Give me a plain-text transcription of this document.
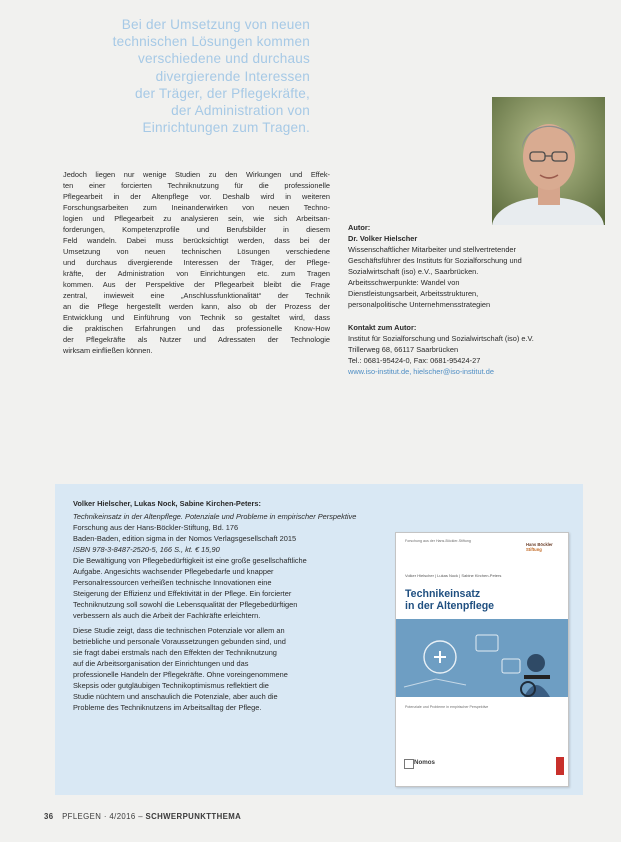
Bei der Umsetzung von neuen
technischen Lösungen kommen
verschiedene und durchaus
divergierende Interessen
der Träger, der Pflegekräfte,
der Administration von
Einrichtungen zum Tragen.
Jedoch liegen nur wenige Studien zu den Wirkungen und Effek-
ten einer forcierten Techniknutzung für die professionelle
Pflegearbeit in der Altenpflege vor. Deshalb wird in weiteren
Forschungsarbeiten zum Ineinanderwirken von neuen Techno-
logien und Pflegearbeit zu analysieren sein, wie sich Arbeitsan-
forderungen, Kompetenzprofile und Berufsbilder in diesem
Feld wandeln. Dabei muss berücksichtigt werden, dass bei der
Umsetzung von neuen technischen Lösungen verschiedene
und durchaus divergierende Interessen der Träger, der Pflege-
kräfte, der Administration von Einrichtungen etc. zum Tragen
kommen. Aus der Perspektive der Pflegearbeit bleibt die Frage
zentral, inwieweit eine „Anschlussfunktionalität“ der Technik
an die Pflege hergestellt werden kann, also ob der Prozess der
Entwicklung und Einführung von Technik so gestaltet wird, dass
die praktischen Erfahrungen und das professionelle Know-How
der Pflegekräfte als Nutzer und Adressaten der Technologie
wirksam einfließen können.
Autor:
Dr. Volker Hielscher
Wissenschaftlicher Mitarbeiter und stellvertretender
Geschäftsführer des Instituts für Sozialforschung und
Sozialwirtschaft (iso) e.V., Saarbrücken.
Arbeitsschwerpunkte: Wandel von
Dienstleistungsarbeit, Arbeitsstrukturen,
personalpolitische Unternehmensstrategien
Kontakt zum Autor:
Institut für Sozialforschung und Sozialwirtschaft (iso) e.V.
Trillerweg 68, 66117 Saarbrücken
Tel.: 0681-95424-0, Fax: 0681-95424-27
www.iso-institut.de, hielscher@iso-institut.de
Volker Hielscher, Lukas Nock, Sabine Kirchen-Peters:
Technikeinsatz in der Altenpflege. Potenziale und Probleme in empirischer Perspektive
Forschung aus der Hans-Böckler-Stiftung, Bd. 176
Baden-Baden, edition sigma in der Nomos Verlagsgesellschaft 2015
ISBN 978-3-8487-2520-5, 166 S., kt. € 15,90
Die Bewältigung von Pflegebedürftigkeit ist eine große gesellschaftliche
Aufgabe. Angesichts wachsender Pflegebedarfe und knapper
Personalressourcen verheißen technische Innovationen eine
Steigerung der Effizienz und Effektivität in der Pflege. Ein forcierter
Techniknutzung soll sowohl die Lebensqualität der Pflegebedürftigen
verbessern als auch die Arbeit der Fachkräfte erleichtern.
Diese Studie zeigt, dass die technischen Potenziale vor allem an
betriebliche und personale Voraussetzungen gebunden sind, und
sie fragt dabei erstmals nach den Effekten der Techniknutzung
auf die Arbeitsorganisation der Einrichtungen und das
professionelle Handeln der Pflegekräfte. Ohne voreingenommene
Skepsis oder gutgläubigen Technikoptimismus reflektiert die
Studie nüchtern und anschaulich die Potenziale, aber auch die
Probleme des Techniknutzens im Arbeitsalltag der Pflege.
Forschung aus der Hans-Böckler-Stiftung
Hans Böckler
Stiftung
Volker Hielscher | Lukas Nock | Sabine Kirchen-Peters
Technikeinsatz
in der Altenpflege
Potenziale und Probleme in empirischer Perspektive
Nomos
36 PFLEGEN · 4/2016 – SCHWERPUNKTTHEMA
